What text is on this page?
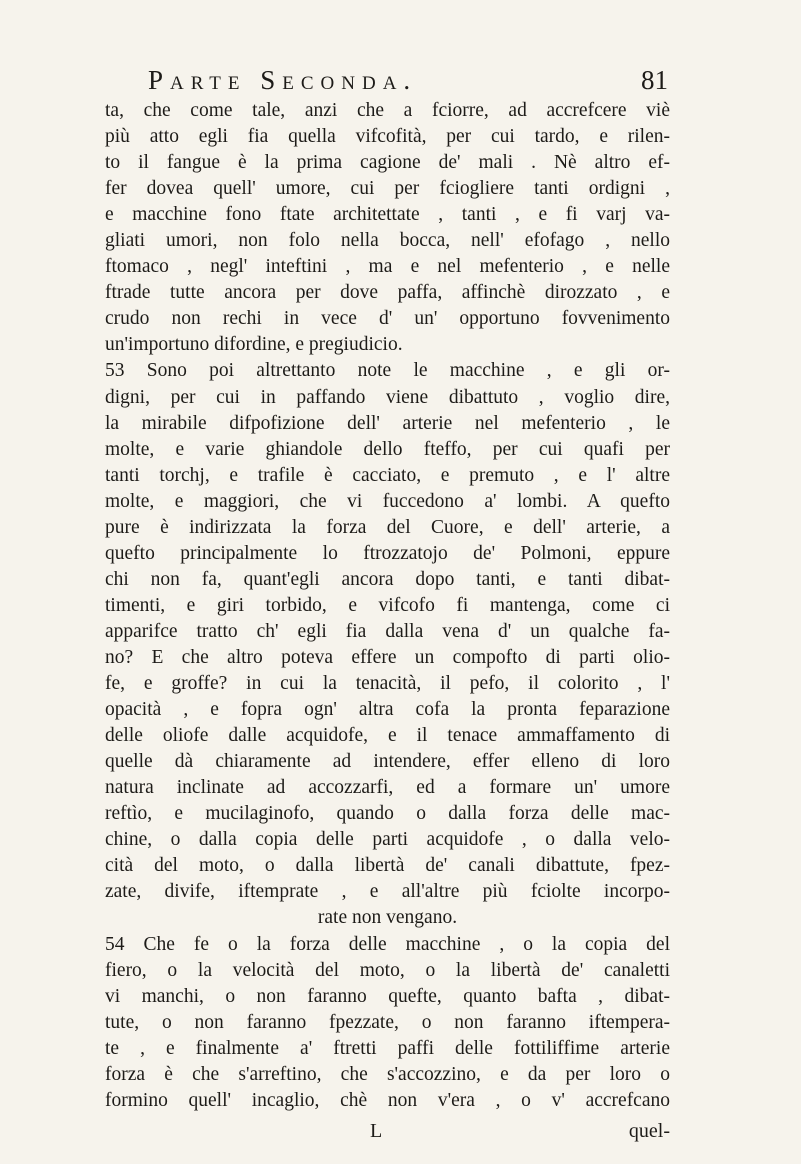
Parte Seconda.	81
ta, che come tale, anzi che a fciorre, ad accrefcere viè
più atto egli fia quella vifcofità, per cui tardo, e rilen-
to il fangue è la prima cagione de' mali . Nè altro ef-
fer dovea quell' umore, cui per fciogliere tanti ordigni ,
e macchine fono ftate architettate , tanti , e fi varj va-
gliati umori, non folo nella bocca, nell' efofago , nello
ftomaco , negl' inteftini , ma e nel mefenterio , e nelle
ftrade tutte ancora per dove paffa, affinchè dirozzato , e
crudo non rechi in vece d' un' opportuno fovvenimento
un'importuno difordine, e pregiudicio.
53 Sono poi altrettanto note le macchine , e gli or-
digni, per cui in paffando viene dibattuto , voglio dire,
la mirabile difpofizione dell' arterie nel mefenterio , le
molte, e varie ghiandole dello fteffo, per cui quafi per
tanti torchj, e trafile è cacciato, e premuto , e l' altre
molte, e maggiori, che vi fuccedono a' lombi. A quefto
pure è indirizzata la forza del Cuore, e dell' arterie, a
quefto principalmente lo ftrozzatojo de' Polmoni, eppure
chi non fa, quant'egli ancora dopo tanti, e tanti dibat-
timenti, e giri torbido, e vifcofo fi mantenga, come ci
apparifce tratto ch' egli fia dalla vena d' un qualche fa-
no? E che altro poteva effere un compofto di parti olio-
fe, e groffe? in cui la tenacità, il pefo, il colorito , l'
opacità , e fopra ogn' altra cofa la pronta feparazione
delle oliofe dalle acquidofe, e il tenace ammaffamento di
quelle dà chiaramente ad intendere, effer elleno di loro
natura inclinate ad accozzarfi, ed a formare un' umore
reftìo, e mucilaginofo, quando o dalla forza delle mac-
chine, o dalla copia delle parti acquidofe , o dalla velo-
cità del moto, o dalla libertà de' canali dibattute, fpez-
zate, divife, iftemprate , e all'altre più fciolte incorpo-
rate non vengano.
54 Che fe o la forza delle macchine , o la copia del
fiero, o la velocità del moto, o la libertà de' canaletti
vi manchi, o non faranno quefte, quanto bafta , dibat-
tute, o non faranno fpezzate, o non faranno iftempera-
te , e finalmente a' ftretti paffi delle fottiliffime arterie
forza è che s'arreftino, che s'accozzino, e da per loro o
formino quell' incaglio, chè non v'era , o v' accrefcano
L	quel-
